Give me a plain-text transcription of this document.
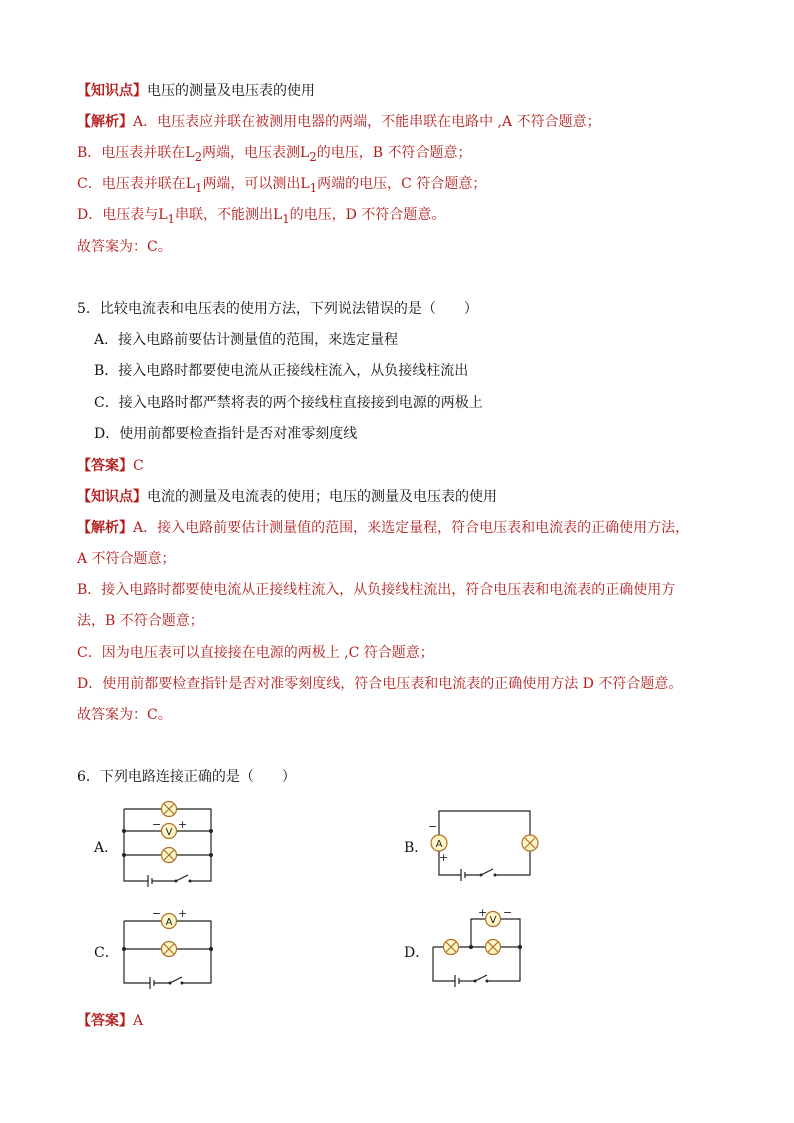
【知识点】电压的测量及电压表的使用
【解析】A．电压表应并联在被测用电器的两端，不能串联在电路中 ,A 不符合题意；
B．电压表并联在$L_2$两端，电压表测$L_2$的电压，B 不符合题意；
C．电压表并联在$L_1$两端，可以测出$L_1$两端的电压，C 符合题意；
D．电压表与$L_1$串联，不能测出$L_1$的电压，D 不符合题意。
故答案为：C。
5．比较电流表和电压表的使用方法，下列说法错误的是（　　）
A．接入电路前要估计测量值的范围，来选定量程
B．接入电路时都要使电流从正接线柱流入，从负接线柱流出
C．接入电路时都严禁将表的两个接线柱直接接到电源的两极上
D．使用前都要检查指针是否对准零刻度线
【答案】C
【知识点】电流的测量及电流表的使用；电压的测量及电压表的使用
【解析】A．接入电路前要估计测量值的范围，来选定量程，符合电压表和电流表的正确使用方法，
A 不符合题意；
B．接入电路时都要使电流从正接线柱流入，从负接线柱流出，符合电压表和电流表的正确使用方
法，B 不符合题意；
C．因为电压表可以直接接在电源的两极上 ,C 符合题意；
D．使用前都要检查指针是否对准零刻度线，符合电压表和电流表的正确使用方法 D 不符合题意。
故答案为：C。
6．下列电路连接正确的是（　　）
A．	B．
C．	D．
V
− +
A
−
+
A
− +
V
+ −
【答案】A
